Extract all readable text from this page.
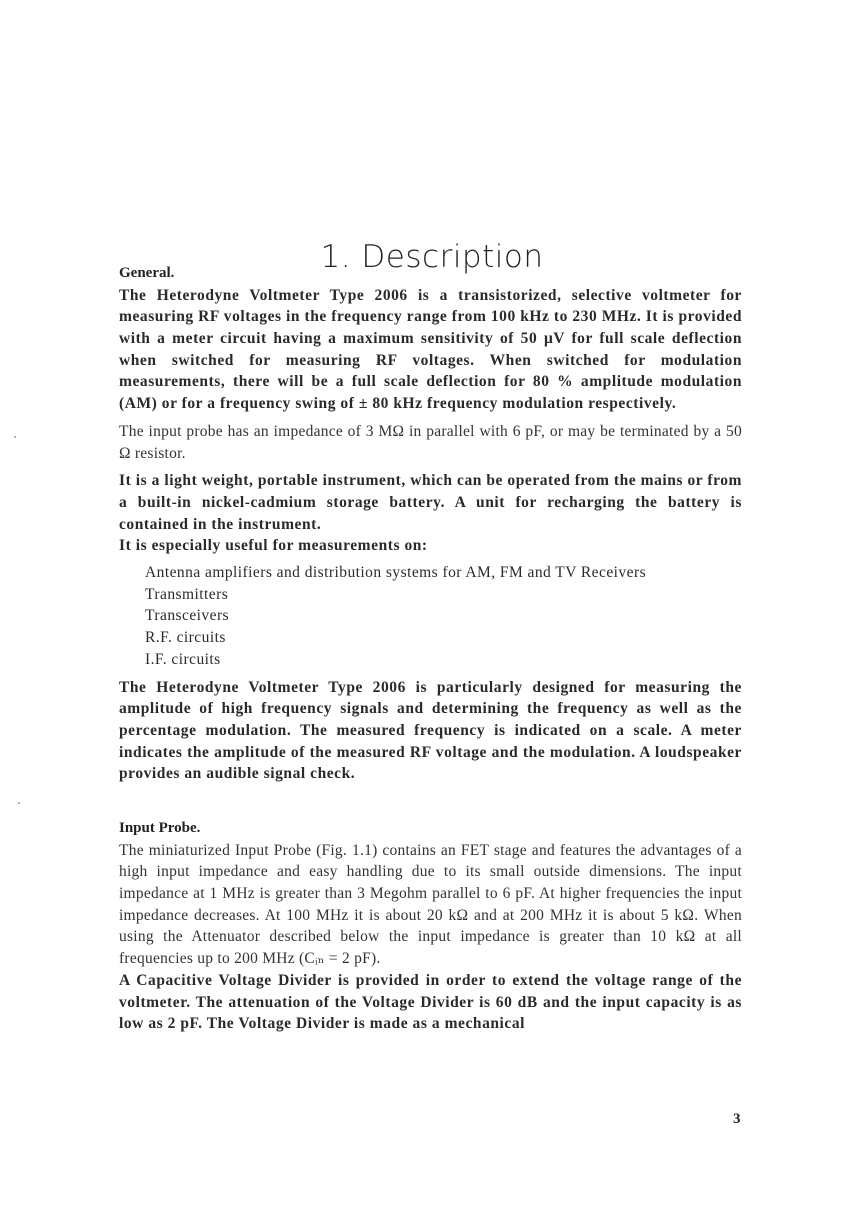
1. Description
General.

The Heterodyne Voltmeter Type 2006 is a transistorized, selective voltmeter for measuring RF voltages in the frequency range from 100 kHz to 230 MHz. It is provided with a meter circuit having a maximum sensitivity of 50 μV for full scale deflection when switched for measuring RF voltages. When switched for modulation measurements, there will be a full scale deflection for 80 % amplitude modulation (AM) or for a frequency swing of ± 80 kHz frequency modulation respectively.

The input probe has an impedance of 3 MΩ in parallel with 6 pF, or may be terminated by a 50 Ω resistor.

It is a light weight, portable instrument, which can be operated from the mains or from a built-in nickel-cadmium storage battery. A unit for recharging the battery is contained in the instrument.

It is especially useful for measurements on:

Antenna amplifiers and distribution systems for AM, FM and TV Receivers
Transmitters
Transceivers
R.F. circuits
I.F. circuits

The Heterodyne Voltmeter Type 2006 is particularly designed for measuring the amplitude of high frequency signals and determining the frequency as well as the percentage modulation. The measured frequency is indicated on a scale. A meter indicates the amplitude of the measured RF voltage and the modulation. A loudspeaker provides an audible signal check.

Input Probe.

The miniaturized Input Probe (Fig. 1.1) contains an FET stage and features the advantages of a high input impedance and easy handling due to its small outside dimensions. The input impedance at 1 MHz is greater than 3 Megohm parallel to 6 pF. At higher frequencies the input impedance decreases. At 100 MHz it is about 20 kΩ and at 200 MHz it is about 5 kΩ. When using the Attenuator described below the input impedance is greater than 10 kΩ at all frequencies up to 200 MHz (Cᵢₙ = 2 pF).

A Capacitive Voltage Divider is provided in order to extend the voltage range of the voltmeter. The attenuation of the Voltage Divider is 60 dB and the input capacity is as low as 2 pF. The Voltage Divider is made as a mechanical

3
